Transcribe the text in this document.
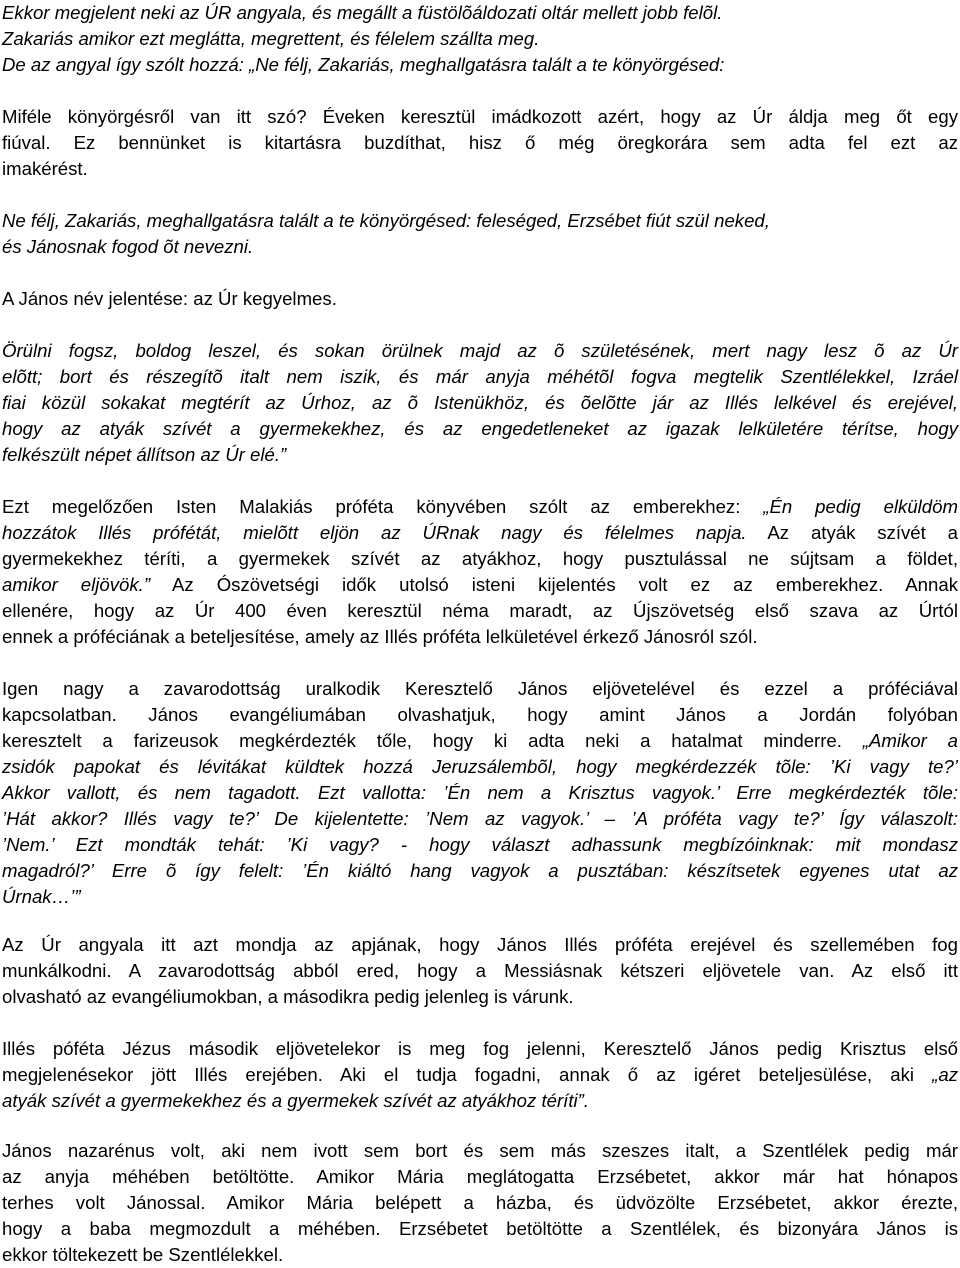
Ekkor megjelent neki az ÚR angyala, és megállt a füstölõáldozati oltár mellett jobb felõl.
Zakariás amikor ezt meglátta, megrettent, és félelem szállta meg.
De az angyal így szólt hozzá: „Ne félj, Zakariás, meghallgatásra talált a te könyörgésed:
Miféle könyörgésről van itt szó? Éveken keresztül imádkozott azért, hogy az Úr áldja meg őt egy
fiúval. Ez bennünket is kitartásra buzdíthat, hisz ő még öregkorára sem adta fel ezt az
imakérést.
Ne félj, Zakariás, meghallgatásra talált a te könyörgésed: feleséged, Erzsébet fiút szül neked,
és Jánosnak fogod õt nevezni.
A János név jelentése: az Úr kegyelmes.
Örülni fogsz, boldog leszel, és sokan örülnek majd az õ születésének, mert nagy lesz õ az Úr
elõtt; bort és részegítõ italt nem iszik, és már anyja méhétõl fogva megtelik Szentlélekkel, Izráel
fiai közül sokakat megtérít az Úrhoz, az õ Istenükhöz, és õelõtte jár az Illés lelkével és erejével,
hogy az atyák szívét a gyermekekhez, és az engedetleneket az igazak lelkületére térítse, hogy
felkészült népet állítson az Úr elé.”
Ezt megelőzően Isten Malakiás próféta könyvében szólt az emberekhez: „Én pedig elküldöm
hozzátok Illés prófétát, mielõtt eljön az ÚRnak nagy és félelmes napja. Az atyák szívét a
gyermekekhez téríti, a gyermekek szívét az atyákhoz, hogy pusztulással ne sújtsam a földet,
amikor eljövök.” Az Ószövetségi idők utolsó isteni kijelentés volt ez az emberekhez. Annak
ellenére, hogy az Úr 400 éven keresztül néma maradt, az Újszövetség első szava az Úrtól
ennek a próféciának a beteljesítése, amely az Illés próféta lelkületével érkező Jánosról szól.
Igen nagy a zavarodottság uralkodik Keresztelő János eljövetelével és ezzel a próféciával
kapcsolatban. János evangéliumában olvashatjuk, hogy amint János a Jordán folyóban
keresztelt a farizeusok megkérdezték tőle, hogy ki adta neki a hatalmat minderre. „Amikor a
zsidók papokat és lévitákat küldtek hozzá Jeruzsálembõl, hogy megkérdezzék tõle: ’Ki vagy te?’
Akkor vallott, és nem tagadott. Ezt vallotta: ’Én nem a Krisztus vagyok.’ Erre megkérdezték tõle:
’Hát akkor? Illés vagy te?’ De kijelentette: ’Nem az vagyok.’ – ’A próféta vagy te?’ Így válaszolt:
’Nem.’ Ezt mondták tehát: ’Ki vagy? - hogy választ adhassunk megbízóinknak: mit mondasz
magadról?’ Erre õ így felelt: ’Én kiáltó hang vagyok a pusztában: készítsetek egyenes utat az
Úrnak…’”
Az Úr angyala itt azt mondja az apjának, hogy János Illés próféta erejével és szellemében fog
munkálkodni. A zavarodottság abból ered, hogy a Messiásnak kétszeri eljövetele van. Az első itt
olvasható az evangéliumokban, a másodikra pedig jelenleg is várunk.
Illés póféta Jézus második eljövetelekor is meg fog jelenni, Keresztelő János pedig Krisztus első
megjelenésekor jött Illés erejében. Aki el tudja fogadni, annak ő az igéret beteljesülése, aki „az
atyák szívét a gyermekekhez és a gyermekek szívét az atyákhoz téríti”.
János nazarénus volt, aki nem ivott sem bort és sem más szeszes italt, a Szentlélek pedig már
az anyja méhében betöltötte. Amikor Mária meglátogatta Erzsébetet, akkor már hat hónapos
terhes volt Jánossal. Amikor Mária belépett a házba, és üdvözölte Erzsébetet, akkor érezte,
hogy a baba megmozdult a méhében. Erzsébetet betöltötte a Szentlélek, és bizonyára János is
ekkor töltekezett be Szentlélekkel.
